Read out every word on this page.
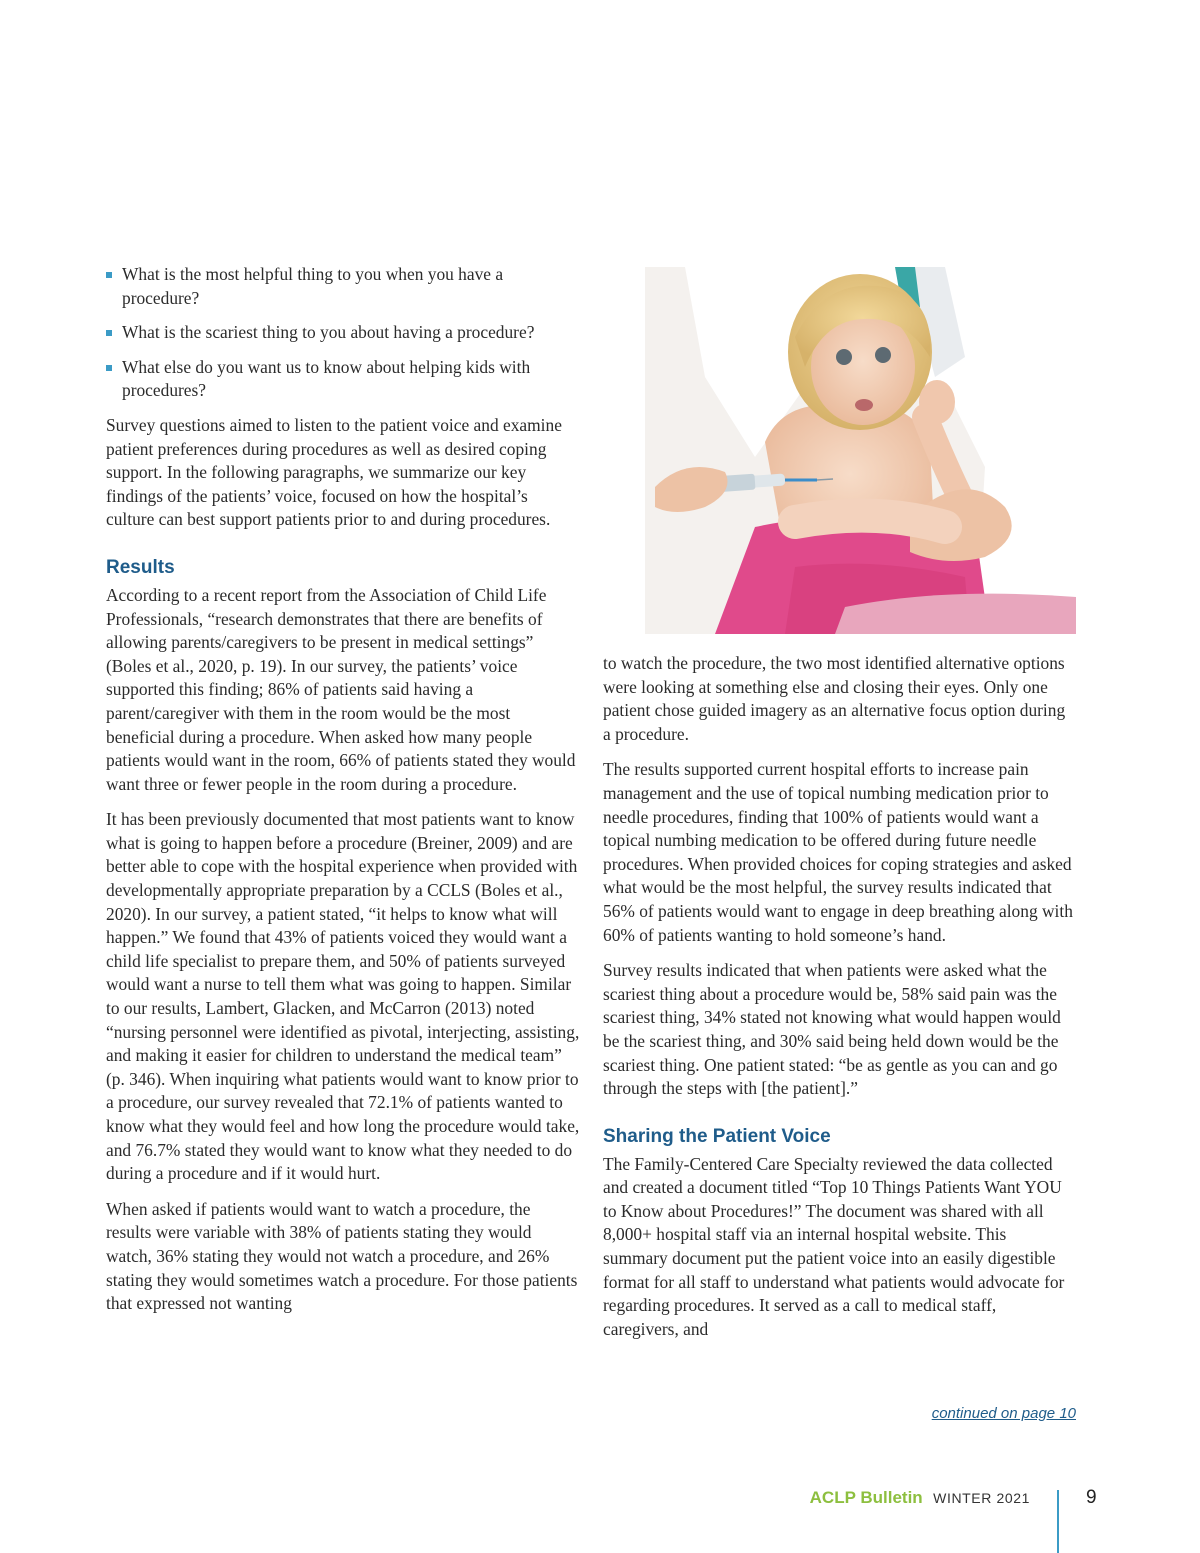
What is the most helpful thing to you when you have a procedure?
What is the scariest thing to you about having a procedure?
What else do you want us to know about helping kids with procedures?

Survey questions aimed to listen to the patient voice and examine patient preferences during procedures as well as desired coping support. In the following paragraphs, we summarize our key findings of the patients’ voice, focused on how the hospital’s culture can best support patients prior to and during procedures.

Results

According to a recent report from the Association of Child Life Professionals, “research demonstrates that there are benefits of allowing parents/caregivers to be present in medical settings” (Boles et al., 2020, p. 19). In our survey, the patients’ voice supported this finding; 86% of patients said having a parent/caregiver with them in the room would be the most beneficial during a procedure. When asked how many people patients would want in the room, 66% of patients stated they would want three or fewer people in the room during a procedure.

It has been previously documented that most patients want to know what is going to happen before a procedure (Breiner, 2009) and are better able to cope with the hospital experience when provided with developmentally appropriate preparation by a CCLS (Boles et al., 2020). In our survey, a patient stated, “it helps to know what will happen.” We found that 43% of patients voiced they would want a child life specialist to prepare them, and 50% of patients surveyed would want a nurse to tell them what was going to happen. Similar to our results, Lambert, Glacken, and McCarron (2013) noted “nursing personnel were identified as pivotal, interjecting, assisting, and making it easier for children to understand the medical team” (p. 346). When inquiring what patients would want to know prior to a procedure, our survey revealed that 72.1% of patients wanted to know what they would feel and how long the procedure would take, and 76.7% stated they would want to know what they needed to do during a procedure and if it would hurt.

When asked if patients would want to watch a procedure, the results were variable with 38% of patients stating they would watch, 36% stating they would not watch a procedure, and 26% stating they would sometimes watch a procedure. For those patients that expressed not wanting

to watch the procedure, the two most identified alternative options were looking at something else and closing their eyes. Only one patient chose guided imagery as an alternative focus option during a procedure.

The results supported current hospital efforts to increase pain management and the use of topical numbing medication prior to needle procedures, finding that 100% of patients would want a topical numbing medication to be offered during future needle procedures. When provided choices for coping strategies and asked what would be the most helpful, the survey results indicated that 56% of patients would want to engage in deep breathing along with 60% of patients wanting to hold someone’s hand.

Survey results indicated that when patients were asked what the scariest thing about a procedure would be, 58% said pain was the scariest thing, 34% stated not knowing what would happen would be the scariest thing, and 30% said being held down would be the scariest thing. One patient stated: “be as gentle as you can and go through the steps with [the patient].”

Sharing the Patient Voice

The Family-Centered Care Specialty reviewed the data collected and created a document titled “Top 10 Things Patients Want YOU to Know about Procedures!” The document was shared with all 8,000+ hospital staff via an internal hospital website. This summary document put the patient voice into an easily digestible format for all staff to understand what patients would advocate for regarding procedures. It served as a call to medical staff, caregivers, and

continued on page 10
ACLP Bulletin WINTER 2021	9
